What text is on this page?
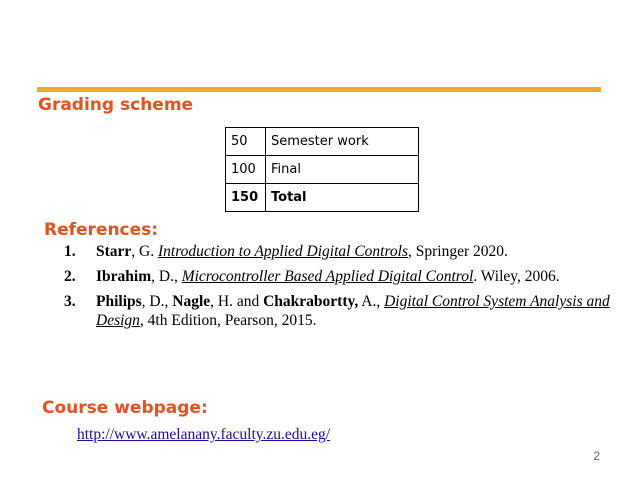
Grading scheme
50	Semester work
100	Final
150	Total
References:
1.	Starr, G. Introduction to Applied Digital Controls, Springer 2020.
2.	Ibrahim, D., Microcontroller Based Applied Digital Control. Wiley, 2006.
3.	Philips, D., Nagle, H. and Chakrabortty, A., Digital Control System Analysis and Design, 4th Edition, Pearson, 2015.
Course webpage:
http://www.amelanany.faculty.zu.edu.eg/
2
